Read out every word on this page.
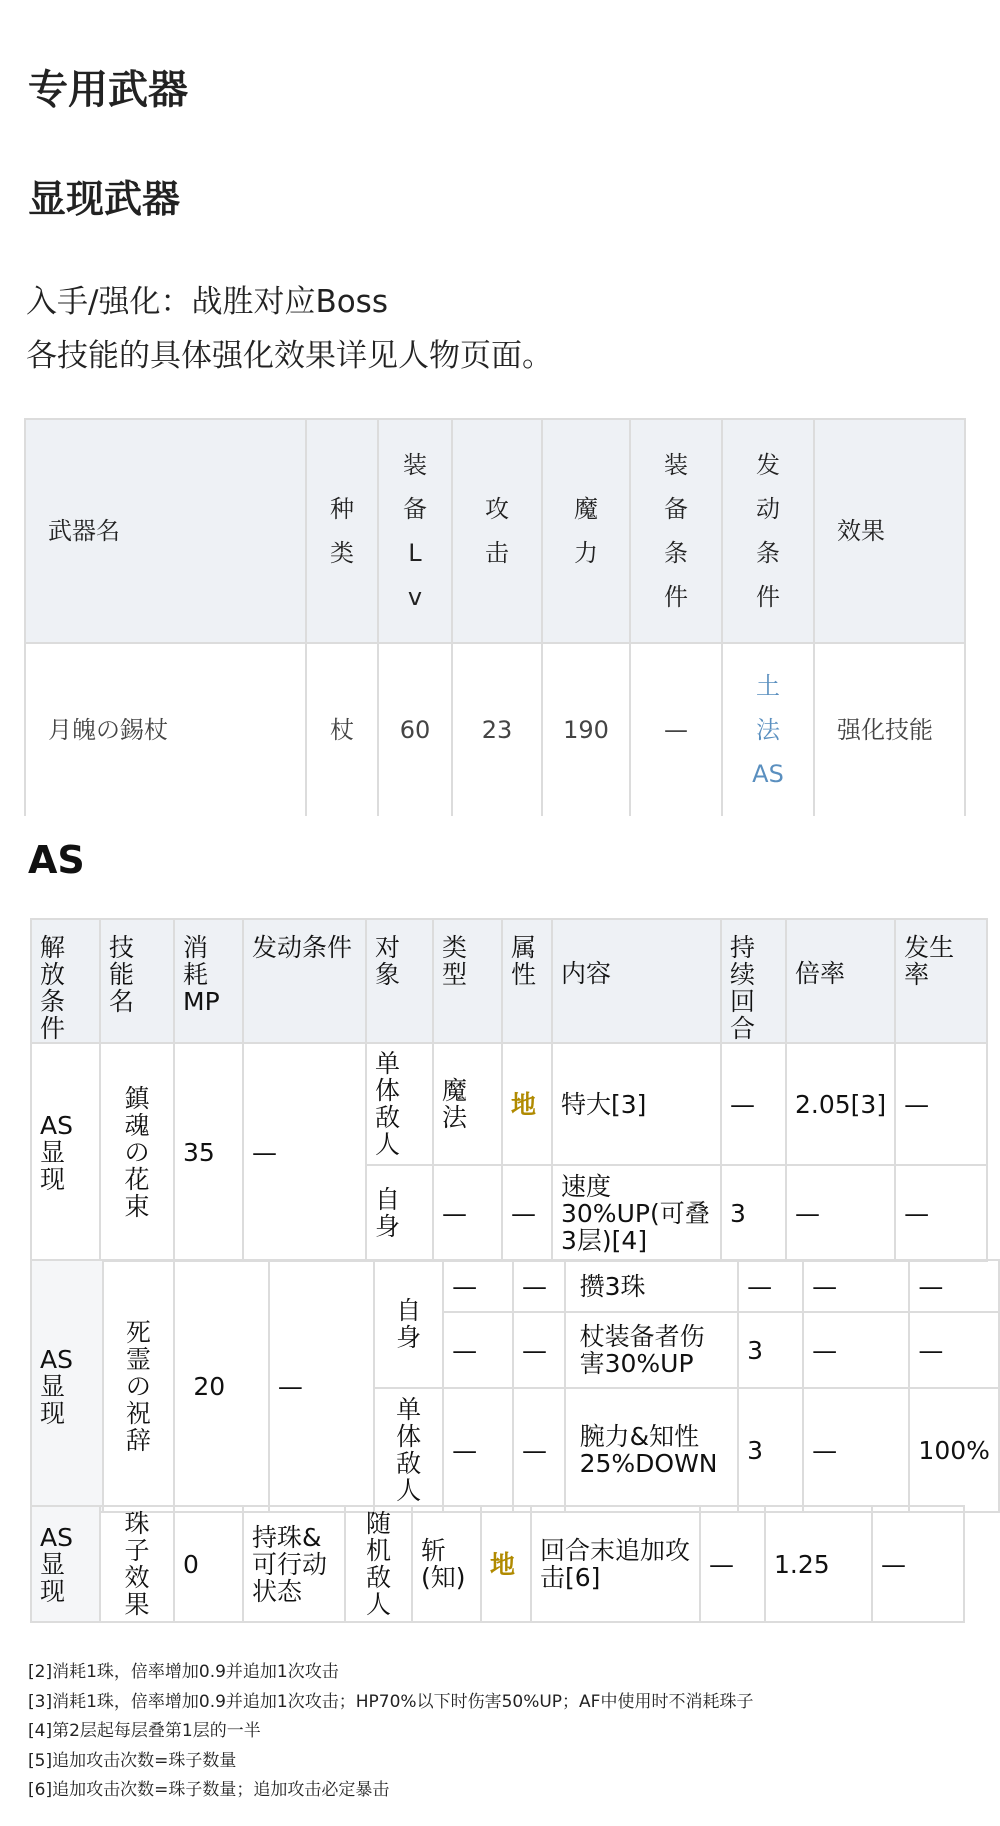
专用武器
显现武器
入手/强化：战胜对应Boss
各技能的具体强化效果详见人物页面。
武器名	种类	装备Lv	攻击	魔力	装备条件	发动条件	效果
月魄の錫杖	杖	60	23	190	—	土法AS	强化技能
AS
解放条件	技能名	消耗MP	发动条件	对象	类型	属性	内容	持续回合	倍率	发生率
AS显现	鎮魂の花束	35	—	单体敌人	魔法	地	特大[3]	—	2.05[3]	—
				自身	—	—	速度30%UP(可叠3层)[4]	3	—	—
AS显现	死霊の祝辞	20	—	自身	—	—	攒3珠	—	—	—
					—	—	杖装备者伤害30%UP	3	—	—
				单体敌人	—	—	腕力&知性25%DOWN	3	—	100%
AS显现	珠子效果	0	持珠&可行动状态	随机敌人	斩(知)	地	回合末追加攻击[6]	—	1.25	—
[2]消耗1珠，倍率增加0.9并追加1次攻击
[3]消耗1珠，倍率增加0.9并追加1次攻击；HP70%以下时伤害50%UP；AF中使用时不消耗珠子
[4]第2层起每层叠第1层的一半
[5]追加攻击次数=珠子数量
[6]追加攻击次数=珠子数量；追加攻击必定暴击
